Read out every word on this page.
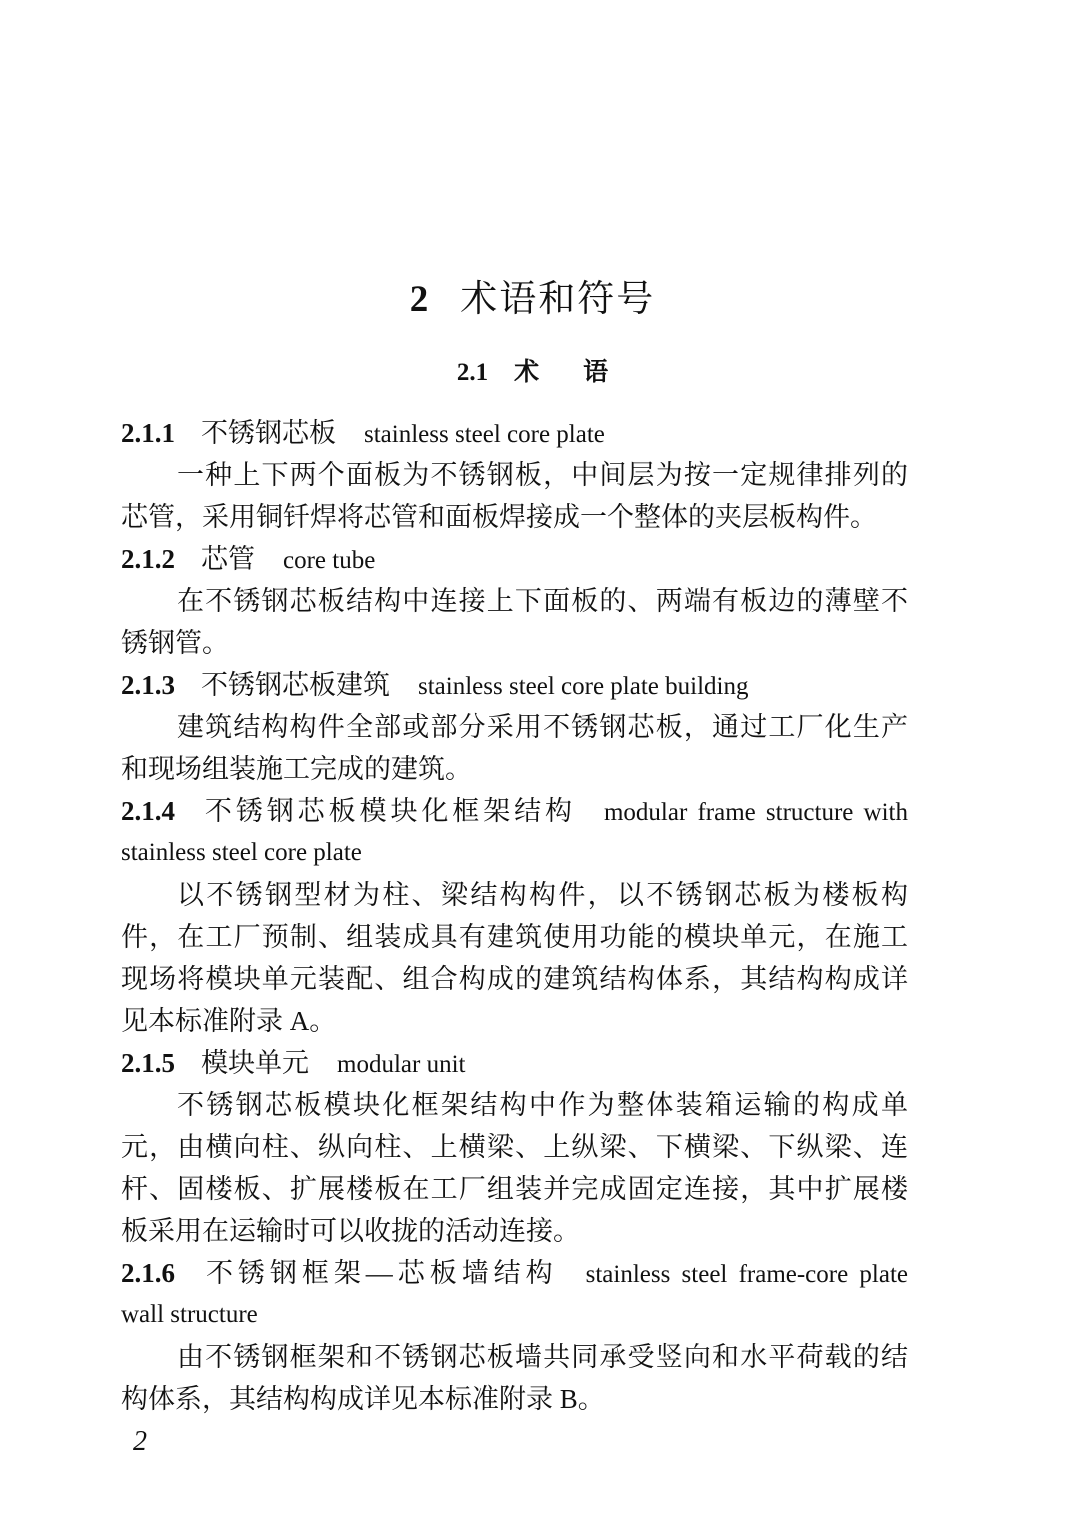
2 术语和符号
2.1 术 语
2.1.1 不锈钢芯板 stainless steel core plate
一种上下两个面板为不锈钢板，中间层为按一定规律排列的
芯管，采用铜钎焊将芯管和面板焊接成一个整体的夹层板构件。
2.1.2 芯管 core tube
在不锈钢芯板结构中连接上下面板的、两端有板边的薄壁不
锈钢管。
2.1.3 不锈钢芯板建筑 stainless steel core plate building
建筑结构构件全部或部分采用不锈钢芯板，通过工厂化生产
和现场组装施工完成的建筑。
2.1.4 不锈钢芯板模块化框架结构 modular frame structure with
stainless steel core plate
以不锈钢型材为柱、梁结构构件，以不锈钢芯板为楼板构
件，在工厂预制、组装成具有建筑使用功能的模块单元，在施工
现场将模块单元装配、组合构成的建筑结构体系，其结构构成详
见本标准附录 A。
2.1.5 模块单元 modular unit
不锈钢芯板模块化框架结构中作为整体装箱运输的构成单
元，由横向柱、纵向柱、上横梁、上纵梁、下横梁、下纵梁、连
杆、固楼板、扩展楼板在工厂组装并完成固定连接，其中扩展楼
板采用在运输时可以收拢的活动连接。
2.1.6 不锈钢框架—芯板墙结构 stainless steel frame-core plate
wall structure
由不锈钢框架和不锈钢芯板墙共同承受竖向和水平荷载的结
构体系，其结构构成详见本标准附录 B。
2
